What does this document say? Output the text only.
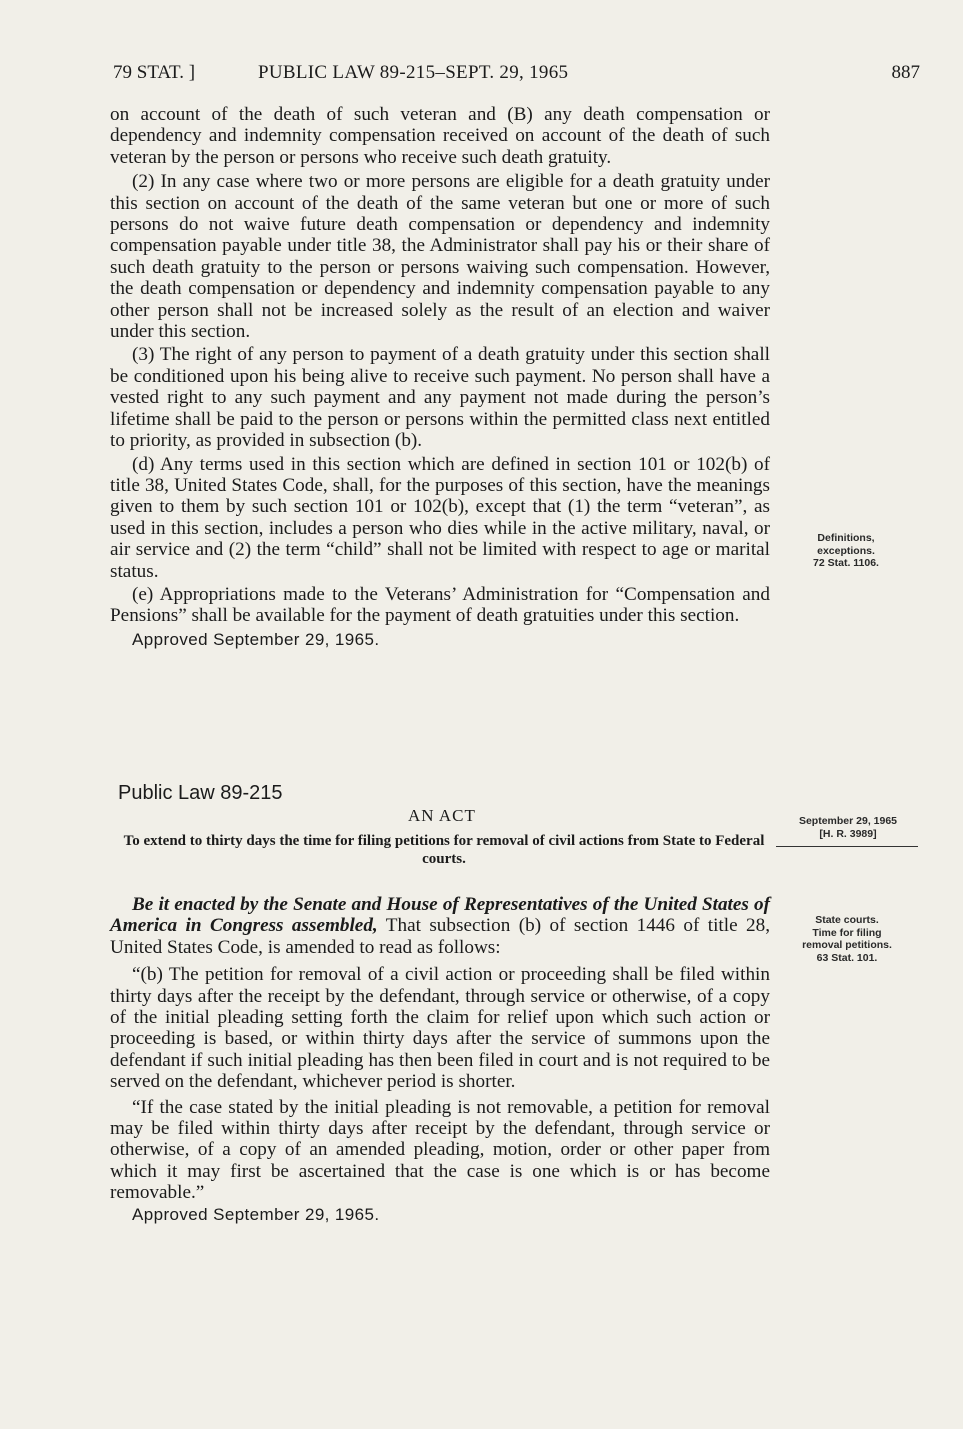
79 STAT. ]	PUBLIC LAW 89-215–SEPT. 29, 1965	887

on account of the death of such veteran and (B) any death compensation or dependency and indemnity compensation received on account of the death of such veteran by the person or persons who receive such death gratuity.

(2) In any case where two or more persons are eligible for a death gratuity under this section on account of the death of the same veteran but one or more of such persons do not waive future death compensation or dependency and indemnity compensation payable under title 38, the Administrator shall pay his or their share of such death gratuity to the person or persons waiving such compensation. However, the death compensation or dependency and indemnity compensation payable to any other person shall not be increased solely as the result of an election and waiver under this section.

(3) The right of any person to payment of a death gratuity under this section shall be conditioned upon his being alive to receive such payment. No person shall have a vested right to any such payment and any payment not made during the person’s lifetime shall be paid to the person or persons within the permitted class next entitled to priority, as provided in subsection (b).

(d) Any terms used in this section which are defined in section 101 or 102(b) of title 38, United States Code, shall, for the purposes of this section, have the meanings given to them by such section 101 or 102(b), except that (1) the term “veteran”, as used in this section, includes a person who dies while in the active military, naval, or air service and (2) the term “child” shall not be limited with respect to age or marital status.

(e) Appropriations made to the Veterans’ Administration for “Compensation and Pensions” shall be available for the payment of death gratuities under this section.

Approved September 29, 1965.

Public Law 89-215
AN ACT
To extend to thirty days the time for filing petitions for removal of civil actions from State to Federal courts.

Be it enacted by the Senate and House of Representatives of the United States of America in Congress assembled, That subsection (b) of section 1446 of title 28, United States Code, is amended to read as follows:

“(b) The petition for removal of a civil action or proceeding shall be filed within thirty days after the receipt by the defendant, through service or otherwise, of a copy of the initial pleading setting forth the claim for relief upon which such action or proceeding is based, or within thirty days after the service of summons upon the defendant if such initial pleading has then been filed in court and is not required to be served on the defendant, whichever period is shorter.

“If the case stated by the initial pleading is not removable, a petition for removal may be filed within thirty days after receipt by the defendant, through service or otherwise, of a copy of an amended pleading, motion, order or other paper from which it may first be ascertained that the case is one which is or has become removable.”

Approved September 29, 1965.

Definitions,
exceptions.
72 Stat. 1106.
September 29, 1965
[H. R. 3989]
State courts.
Time for filing
removal petitions.
63 Stat. 101.
